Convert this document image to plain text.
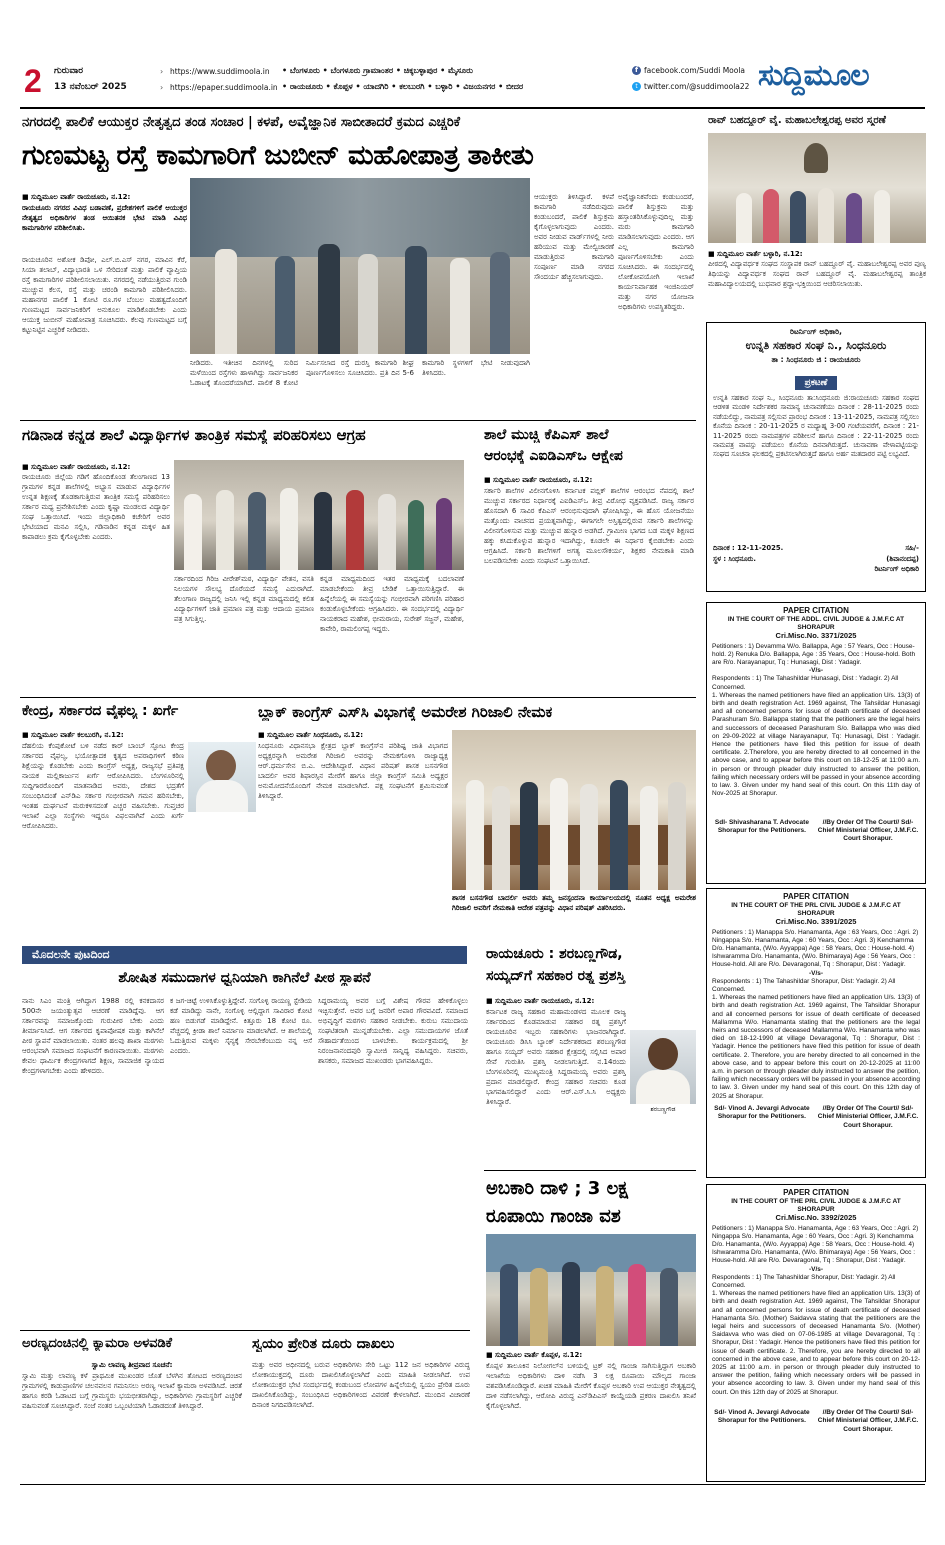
2 ಗುರುವಾರ
13 ನವೆಂಬರ್ 2025
› https://www.suddimoola.in
› https://epaper.suddimoola.in
• ಬೆಂಗಳೂರು • ಬೆಂಗಳೂರು ಗ್ರಾಮಾಂತರ • ಚಿಕ್ಕಬಳ್ಳಾಪುರ • ಮೈಸೂರು
• ರಾಯಚೂರು • ಕೊಪ್ಪಳ • ಯಾದಗಿರಿ • ಕಲಬುರಗಿ • ಬಳ್ಳಾರಿ • ವಿಜಯನಗರ • ಬೀದರ
f facebook.com/Suddi Moola
t twitter.com/@suddimoola22 ಸುದ್ದಿಮೂಲ
ನಗರದಲ್ಲಿ ಪಾಲಿಕೆ ಆಯುಕ್ತರ ನೇತೃತ್ವದ ತಂಡ ಸಂಚಾರ | ಕಳಪೆ, ಅವೈಜ್ಞಾನಿಕ ಸಾಬೀತಾದರೆ ಕ್ರಮದ ಎಚ್ಚರಿಕೆ
ಗುಣಮಟ್ಟ ರಸ್ತೆ ಕಾಮಗಾರಿಗೆ ಜುಬೀನ್ ಮಹೋಪಾತ್ರ ತಾಕೀತು
■ ಸುದ್ದಿಮೂಲ ವಾರ್ತೆ ರಾಯಚೂರು, ನ.12:
ರಾಯಚೂರು ನಗರದ ವಿವಿಧ ಬಡಾವಣೆ, ಪ್ರದೇಶಗಳಿಗೆ ಪಾಲಿಕೆ ಆಯುಕ್ತರ ನೇತೃತ್ವದ ಅಧಿಕಾರಿಗಳ ತಂಡ ಆಯಿತನಕ ಭೇಟಿ ಮಾಡಿ ವಿವಿಧ ಕಾಮಗಾರಿಗಳ ಪರಿಶೀಲಿಸಿತು.
ರಾಯಚೂರಿನ ಅಶೋಕ ಡಿಪೋ, ಎಲ್.ಬಿ.ಎಸ್ ನಗರ, ಮಾವಿನ ಕೆರೆ, ಸಿಯಾ ತಲಾಬ್, ವಿದ್ಯಾಭಾರತಿ ಒಳ ಸೇರಿದಂತೆ ಮತ್ತು ಪಾಲಿಕೆ ವ್ಯಾಪ್ತಿಯ ರಸ್ತೆ ಕಾಮಗಾರಿಗಳ ಪರಿಶೀಲಿಸಲಾಯಿತು. ನಗರದಲ್ಲಿ ನಡೆಯುತ್ತಿರುವ ಗುಂಡಿ ಮುಚ್ಚುವ ಕೆಲಸ, ರಸ್ತೆ ಮತ್ತು ಚರಂಡಿ ಕಾಮಗಾರಿ ಪರಿಶೀಲಿಸಿದರು. ಮಹಾನಗರ ಪಾಲಿಕೆ 1 ಕೋಟಿ ರೂ.ಗಳ ಬೆಂಬಲ ಮಹತ್ವದೊಂದಿಗೆ ಗುಣಮಟ್ಟದ ಸಾರ್ವಜನಿಕರಿಗೆ ಅನುಕೂಲ ಮಾಡಿಕೊಡಬೇಕು ಎಂದು ಆಯುಕ್ತ ಜುಬೀನ್ ಮಹೋಪಾತ್ರ ಸೂಚಿಸಿದರು. ಕೆಲವು ಗುಣಮಟ್ಟದ ಬಗ್ಗೆ ಕಟ್ಟುನಿಟ್ಟಿನ ಎಚ್ಚರಿಕೆ ನೀಡಿದರು.
ಆಯುಕ್ತರು ತಿಳಿಸಿದ್ದಾರೆ. ಕಳಪೆ ಕಾಮಗಾರಿ ನಡೆದಿರುವುದು ಕಂಡುಬಂದರೆ, ಪಾಲಿಕೆ ಶಿಸ್ತುಕ್ರಮ ಕೈಗೊಳ್ಳಲಾಗುವುದು ಎಂದರು. ಅವರ ನೀಡುವ ವಾರ್ಡ್‌ಗಳಲ್ಲಿ ನೀರು ಹರಿಯುವ ಮತ್ತು ಮೇಲ್ವಿಚಾರಣೆ ಮಾಡುತ್ತಿರುವ ಕಾಮಗಾರಿ ಸಂಪೂರ್ಣ ಮಾಡಿ ನಗರದ ಸೌಂದರ್ಯ ಹೆಚ್ಚಿಸಲಾಗುವುದು.
ಅವೈಜ್ಞಾನಿಕವೆಂದು ಕಂಡುಬಂದರೆ, ಪಾಲಿಕೆ ಶಿಸ್ತುಕ್ರಮ ಮತ್ತು ಹಸ್ತಾಂತರಿಸಿಕೊಳ್ಳುವುದಿಲ್ಲ ಮತ್ತು ಮರು ಕಾಮಗಾರಿ ಮಾಡಿಸಲಾಗುವುದು ಎಂದರು. ಆಗ ಎಲ್ಲ ಕಾಮಗಾರಿ ಪೂರ್ಣಗೊಳಿಸಬೇಕು ಎಂದು ಸೂಚಿಸಿದರು. ಈ ಸಂದರ್ಭದಲ್ಲಿ ಲೋಕೋಪಯೋಗಿ ಇಲಾಖೆ ಕಾರ್ಯನಿರ್ವಾಹಕ ಇಂಜಿನಿಯರ್ ಮತ್ತು ನಗರ ಯೋಜನಾ ಅಧಿಕಾರಿಗಳು ಉಪಸ್ಥಿತರಿದ್ದರು.
ನೀಡಿದರು. ಇತೀಚಿನ ದಿನಗಳಲ್ಲಿ ಸುರಿದ ಮಳೆಯಿಂದ ರಸ್ತೆಗಳು ಹಾಳಾಗಿದ್ದು ಸಾರ್ವಜನಿಕರ ಓಡಾಟಕ್ಕೆ ತೊಂದರೆಯಾಗಿದೆ. ಪಾಲಿಕೆ 8 ಕೋಟಿ ನಿರ್ಮಿಸಲಾದ ರಸ್ತೆ ದುರಸ್ತಿ ಕಾಮಗಾರಿ ಶೀಘ್ರ ಪೂರ್ಣಗೊಳಿಸಲು ಸೂಚಿಸಿದರು. ಪ್ರತಿ ದಿನ 5-6 ಕಾಮಗಾರಿ ಸ್ಥಳಗಳಿಗೆ ಭೇಟಿ ನೀಡುವುದಾಗಿ ತಿಳಿಸಿದರು.
ರಾವ್ ಬಹದ್ದೂರ್ ವೈ. ಮಹಾಬಲೇಶ್ವರಪ್ಪ ಅವರ ಸ್ಮರಣೆ
■ ಸುದ್ದಿಮೂಲ ವಾರ್ತೆ ಬಳ್ಳಾರಿ, ನ.12:
ಪೀಠದಲ್ಲಿ ವಿದ್ಯಾವರ್ಧಕ ಸಂಘದ ಸಂಸ್ಥಾಪಕ ರಾವ್ ಬಹದ್ದೂರ್ ವೈ. ಮಹಾಬಲೇಶ್ವರಪ್ಪ ಅವರ ಪುಣ್ಯ ತಿಥಿಯನ್ನು ವಿದ್ಯಾವರ್ಧಕ ಸಂಘದ ರಾವ್ ಬಹದ್ದೂರ್ ವೈ. ಮಹಾಬಲೇಶ್ವರಪ್ಪ ತಾಂತ್ರಿಕ ಮಹಾವಿದ್ಯಾಲಯದಲ್ಲಿ ಬುಧವಾರ ಶ್ರದ್ಧಾ-ಭಕ್ತಿಯಿಂದ ಆಚರಿಸಲಾಯಿತು.
ರಿಟರ್ನಿಂಗ್ ಅಧಿಕಾರಿ,
ಉನ್ನತಿ ಸಹಕಾರ ಸಂಘ ನಿ., ಸಿಂಧನೂರು
ತಾ : ಸಿಂಧನೂರು ಜಿ : ರಾಯಚೂರು
ಪ್ರಕಟಣೆ
ಉನ್ನತಿ ಸಹಕಾರ ಸಂಘ ನಿ., ಸಿಂಧನೂರು ತಾ:ಸಿಂಧನೂರು ಜಿ:ರಾಯಚೂರು ಸಹಕಾರ ಸಂಘದ ಆಡಳಿತ ಮಂಡಳಿ ನಿರ್ದೇಶಕರ ಸಾಮಾನ್ಯ ಚುನಾವಣೆಯು ದಿನಾಂಕ : 28-11-2025 ರಂದು ನಡೆಯಲಿದ್ದು, ನಾಮಪತ್ರ ಸಲ್ಲಿಸುವ ಪ್ರಾರಂಭ ದಿನಾಂಕ : 13-11-2025, ನಾಮಪತ್ರ ಸಲ್ಲಿಸಲು ಕೊನೆಯ ದಿನಾಂಕ : 20-11-2025 ರ ಮಧ್ಯಾಹ್ನ 3-00 ಗಂಟೆಯವರೆಗೆ, ದಿನಾಂಕ : 21-11-2025 ರಂದು ನಾಮಪತ್ರಗಳ ಪರಿಶೀಲನೆ ಹಾಗೂ ದಿನಾಂಕ : 22-11-2025 ರಂದು ನಾಮಪತ್ರ ವಾಪಸ್ಸು ಪಡೆಯಲು ಕೊನೆಯ ದಿನವಾಗಿರುತ್ತದೆ. ಚುನಾವಣಾ ವೇಳಾಪಟ್ಟಿಯನ್ನು ಸಂಘದ ಸೂಚನಾ ಫಲಕದಲ್ಲಿ ಪ್ರಕಟಿಸಲಾಗಿರುತ್ತದೆ ಹಾಗೂ ಅರ್ಹ ಮತದಾರರ ಪಟ್ಟಿ ಲಭ್ಯವಿದೆ.
ದಿನಾಂಕ : 12-11-2025.	ಸಹಿ/-
ಸ್ಥಳ : ಸಿಂಧನೂರು.	(ಶಿವಾನಂದಪ್ಪ)
ರಿಟರ್ನಿಂಗ್ ಅಧಿಕಾರಿ
PAPER CITATION
IN THE COURT OF THE ADDL. CIVIL JUDGE & J.M.F.C AT SHORAPUR
Cri.Misc.No. 3371/2025
Petitioners : 1) Devamma W/o. Ballappa, Age : 57 Years, Occ : House-hold. 2) Renuka D/o. Ballappa, Age : 35 Years, Occ : House-hold. Both are R/o. Narayanapur, Tq : Hunasagi, Dist : Yadagir.
-V/s-
Respondents : 1) The Tahashildar Hunasagi, Dist : Yadagir. 2) All Concerned.
1. Whereas the named petitioners have filed an application U/s. 13(3) of birth and death registration Act. 1969 against, The Tahsildar Hunasagi and all concerned persons for issue of death certificate of deceased Parashuram S/o. Ballappa stating that the petitioners are the legal heirs and successors of deceased Parashuram S/o. Ballappa who was died on 29-09-2022 at village Narayanapur, Tq: Hunasagi, Dist : Yadagir. Hence the petitioners have filed this petition for issue of death certificate. 2.Therefore, you are hereby directed to all concerned in the above case, and to appear before this court on 18-12-25 at 11:00 a.m. in person or through pleader duly instructed to answer the petition, failing which necessary orders will be passed in your absence according to law. 3. Given under my hand seal of this court. On this 11th day of Nov-2025 at Shorapur.
Sdl- Shivasharana T. Advocate Shorapur for the Petitioners.
//By Order Of The Court// Sd/- Chief Ministerial Officer, J.M.F.C. Court Shorapur.
PAPER CITATION
IN THE COURT OF THE PRL CIVIL JUDGE & J.M.F.C AT SHORAPUR
Cri.Misc.No. 3391/2025
Petitioners : 1) Manappa S/o. Hanamanta, Age : 63 Years, Occ : Agri. 2) Ningappa S/o. Hanamanta, Age : 60 Years, Occ : Agri. 3) Kenchamma D/o. Hanamanta, (W/o. Ayyappa) Age : 58 Years, Occ : House-hold. 4) Ishwaramma D/o. Hanamanta, (W/o. Bhimaraya) Age : 56 Years, Occ : House-hold. All are R/o. Devaragonal, Tq : Shorapur, Dist : Yadagir.
-V/s-
Respondents : 1) The Tahashildar Shorapur, Dist: Yadagir. 2) All Concerned.
1. Whereas the named petitioners have filed an application U/s. 13(3) of birth and death registration Act. 1969 against, The Tahsildar Shorapur and all concerned persons for issue of death certificate of deceased Mallamma W/o. Hanamanta stating that the petitioners are the legal heirs and successors of deceased Mallamma W/o. Hanamanta who was died on 18-12-1990 at village Devaragonal, Tq : Shorapur, Dist : Yadagir. Hence the petitioners have filed this petition for issue of death certificate. 2. Therefore, you are hereby directed to all concerned in the above case, and to appear before this court on 20-12-2025 at 11:00 a.m. in person or through pleader duly instructed to answer the petition, failing which necessary orders will be passed in your absence according to law. 3. Given under my hand seal of this court. On this 12th day of 2025 at Shorapur.
Sd/- Vinod A. Jevargi Advocate Shorapur for the Petitioners.
//By Order Of The Court// Sd/- Chief Ministerial Officer, J.M.F.C. Court Shorapur.
PAPER CITATION
IN THE COURT OF THE PRL CIVIL JUDGE & J.M.F.C AT SHORAPUR
Cri.Misc.No. 3392/2025
Petitioners : 1) Manappa S/o. Hanamanta, Age : 63 Years, Occ : Agri. 2) Ningappa S/o. Hanamanta, Age : 60 Years, Occ : Agri. 3) Kenchamma D/o. Hanamanta, (W/o. Ayyappa) Age : 58 Years, Occ : House-hold. 4) Ishwaramma D/o. Hanamanta, (W/o. Bhimaraya) Age : 56 Years, Occ : House-hold. All are R/o. Devaragonal, Tq : Shorapur, Dist : Yadagir.
-V/s-
Respondents : 1) The Tahashildar Shorapur, Dist: Yadagir. 2) All Concerned.
1. Whereas the named petitioners have filed an application U/s. 13(3) of birth and death registration Act. 1969 against, The Tahsildar Shorapur and all concerned persons for issue of death certificate of deceased Hanamanta S/o. (Mother) Saidavva stating that the petitioners are the legal heirs and successors of deceased Hanamanta S/o. (Mother) Saidavva who was died on 07-06-1985 at village Devaragonal, Tq : Shorapur, Dist : Yadagir. Hence the petitioners have filed this petition for issue of death certificate. 2. Therefore, you are hereby directed to all concerned in the above case, and to appear before this court on 20-12-2025 at 11:00 a.m. in person or through pleader duly instructed to answer the petition, failing which necessary orders will be passed in your absence according to law. 3. Given under my hand seal of this court. On this 12th day of 2025 at Shorapur.
Sd/- Vinod A. Jevargi Advocate Shorapur for the Petitioners.
//By Order Of The Court// Sd/- Chief Ministerial Officer, J.M.F.C. Court Shorapur.
ಗಡಿನಾಡ ಕನ್ನಡ ಶಾಲೆ ವಿದ್ಯಾರ್ಥಿಗಳ ತಾಂತ್ರಿಕ ಸಮಸ್ಯೆ ಪರಿಹರಿಸಲು ಆಗ್ರಹ
■ ಸುದ್ದಿಮೂಲ ವಾರ್ತೆ ರಾಯಚೂರು, ನ.12:
ರಾಯಚೂರು ಜಿಲ್ಲೆಯ ಗಡಿಗೆ ಹೊಂದಿಕೊಂಡ ತೆಲಂಗಾಣದ 13 ಗ್ರಾಮಗಳ ಕನ್ನಡ ಶಾಲೆಗಳಲ್ಲಿ ಅಭ್ಯಾಸ ಮಾಡುವ ವಿದ್ಯಾರ್ಥಿಗಳ ಉನ್ನತ ಶಿಕ್ಷಣಕ್ಕೆ ತೊಡಕಾಗುತ್ತಿರುವ ತಾಂತ್ರಿಕ ಸಮಸ್ಯೆ ಪರಿಹರಿಸಲು ಸರ್ಕಾರ ಮಧ್ಯ ಪ್ರವೇಶಿಸಬೇಕು ಎಂದು ಕೃಷ್ಣಾ ಮಂಡಲದ ವಿದ್ಯಾರ್ಥಿ ಸಂಘ ಒತ್ತಾಯಿಸಿದೆ. ಇಂದು ಜಿಲ್ಲಾಧಿಕಾರಿ ಕಚೇರಿಗೆ ಅವರ ಭೇಟಿಯಾದ ಮನವಿ ಸಲ್ಲಿಸಿ, ಗಡಿನಾಡಿನ ಕನ್ನಡ ಮಕ್ಕಳ ಹಿತ ಕಾಪಾಡಲು ಕ್ರಮ ಕೈಗೊಳ್ಳಬೇಕು ಎಂದರು.
ಸರ್ಕಾರದಿಂದ ಗಿರಿಜ ವೀರೇಶ್‌ಮಠ, ವಿದ್ಯಾರ್ಥಿ ವೇತನ, ವಸತಿ ನಿಲಯಗಳ ಸೌಲಭ್ಯ ದೊರೆಯದೆ ಸಮಸ್ಯೆ ಎದುರಾಗಿದೆ. ತೆಲಂಗಾಣ ರಾಜ್ಯದಲ್ಲಿ ಜನಿಸಿ ಇಲ್ಲಿ ಕನ್ನಡ ಮಾಧ್ಯಮದಲ್ಲಿ ಕಲಿತ ವಿದ್ಯಾರ್ಥಿಗಳಿಗೆ ಜಾತಿ ಪ್ರಮಾಣ ಪತ್ರ ಮತ್ತು ಆದಾಯ ಪ್ರಮಾಣ ಪತ್ರ ಸಿಗುತ್ತಿಲ್ಲ.
ಕನ್ನಡ ಮಾಧ್ಯಮದಿಂದ ಇತರ ಮಾಧ್ಯಮಕ್ಕೆ ಬದಲಾವಣೆ ಮಾಡಬೇಕೆಂದು ತೀವ್ರ ಬೇಡಿಕೆ ಒತ್ತಾಯಿಸುತ್ತಿದ್ದಾರೆ. ಈ ಹಿನ್ನೆಲೆಯಲ್ಲಿ ಈ ಸಮಸ್ಯೆಯನ್ನು ಗಂಭೀರವಾಗಿ ಪರಿಗಣಿಸಿ ಪರಿಹಾರ ಕಂಡುಕೊಳ್ಳಬೇಕೆಂದು ಆಗ್ರಹಿಸಿದರು. ಈ ಸಂದರ್ಭದಲ್ಲಿ ವಿದ್ಯಾರ್ಥಿ ನಾಯಕರಾದ ಮಹೇಶ, ಭೀಮರಾಯ, ಸುರೇಶ್ ಸಜ್ಜನ್, ಮಹೇಶ, ಕಾವೇರಿ, ರಾಮಲಿಂಗಪ್ಪ ಇದ್ದರು.
ಶಾಲೆ ಮುಚ್ಚಿ ಕೆಪಿಎಸ್ ಶಾಲೆ
ಆರಂಭಕ್ಕೆ ಎಐಡಿಎಸ್‌ಒ ಆಕ್ಷೇಪ
■ ಸುದ್ದಿಮೂಲ ವಾರ್ತೆ ರಾಯಚೂರು, ನ.12:
ಸರ್ಕಾರಿ ಶಾಲೆಗಳ ವಿಲೀನಗೊಳಿಸಿ ಕರ್ನಾಟಕ ಪಬ್ಲಿಕ್ ಶಾಲೆಗಳ ಆರಂಭದ ನೆಪದಲ್ಲಿ ಶಾಲೆ ಮುಚ್ಚುವ ಸರ್ಕಾರದ ನಿರ್ಧಾರಕ್ಕೆ ಎಐಡಿಎಸ್‌ಒ ತೀವ್ರ ವಿರೋಧ ವ್ಯಕ್ತಪಡಿಸಿದೆ. ರಾಜ್ಯ ಸರ್ಕಾರ ಹೊಸದಾಗಿ 6 ಸಾವಿರ ಕೆಪಿಎಸ್ ಆರಂಭಿಸುವುದಾಗಿ ಘೋಷಿಸಿದ್ದು, ಈ ಹೊಸ ಯೋಜನೆಯು ಮತ್ತೊಂದು ವಾಚನದ ಪ್ರಯತ್ನವಾಗಿದ್ದು, ಈಗಾಗಲೇ ಅಸ್ತಿತ್ವದಲ್ಲಿರುವ ಸರ್ಕಾರಿ ಶಾಲೆಗಳನ್ನು ವಿಲೀನಗೊಳಿಸುವ ಮತ್ತು ಮುಚ್ಚುವ ಹುನ್ನಾರ ಅಡಗಿದೆ. ಗ್ರಾಮೀಣ ಭಾಗದ ಬಡ ಮಕ್ಕಳ ಶಿಕ್ಷಣದ ಹಕ್ಕು ಕಸಿದುಕೊಳ್ಳುವ ಹುನ್ನಾರ ಇದಾಗಿದ್ದು, ಕೂಡಲೇ ಈ ನಿರ್ಧಾರ ಕೈಬಿಡಬೇಕು ಎಂದು ಆಗ್ರಹಿಸಿದೆ. ಸರ್ಕಾರಿ ಶಾಲೆಗಳಿಗೆ ಅಗತ್ಯ ಮೂಲಸೌಕರ್ಯ, ಶಿಕ್ಷಕರ ನೇಮಕಾತಿ ಮಾಡಿ ಬಲಪಡಿಸಬೇಕು ಎಂದು ಸಂಘಟನೆ ಒತ್ತಾಯಿಸಿದೆ.
ಕೇಂದ್ರ, ಸರ್ಕಾರದ ವೈಫಲ್ಯ : ಖರ್ಗೆ
■ ಸುದ್ದಿಮೂಲ ವಾರ್ತೆ ಕಲಬುರಗಿ, ನ.12:
ದೆಹಲಿಯ ಕೆಂಪುಕೋಟೆ ಬಳಿ ನಡೆದ ಕಾರ್ ಬಾಂಬ್ ಸ್ಫೋಟ ಕೇಂದ್ರ ಸರ್ಕಾರದ ವೈಫಲ್ಯ, ಭಯೋತ್ಪಾದಕ ಕೃತ್ಯದ ಅಪರಾಧಿಗಳಿಗೆ ಕಠಿಣ ಶಿಕ್ಷೆಯನ್ನು ಕೊಡಬೇಕು ಎಂದು ಕಾಂಗ್ರೆಸ್ ಅಧ್ಯಕ್ಷ, ರಾಜ್ಯಸಭೆ ಪ್ರತಿಪಕ್ಷ ನಾಯಕ ಮಲ್ಲಿಕಾರ್ಜುನ ಖರ್ಗೆ ಆರೋಪಿಸಿದರು. ಬೆಂಗಳೂರಿನಲ್ಲಿ ಸುದ್ದಿಗಾರರೊಂದಿಗೆ ಮಾತನಾಡಿದ ಅವರು, ದೇಶದ ಭದ್ರತೆಗೆ ಸಂಬಂಧಿಸಿದಂತೆ ಎನ್‌ಡಿಎ ಸರ್ಕಾರ ಗಂಭೀರವಾಗಿ ಗಮನ ಹರಿಸಬೇಕು, ಇಂತಹ ದುರ್ಘಟನೆ ಮರುಕಳಿಸದಂತೆ ಎಚ್ಚರ ವಹಿಸಬೇಕು. ಗುಪ್ತಚರ ಇಲಾಖೆ ಎಲ್ಲಾ ಸಂಸ್ಥೆಗಳು ಇದ್ದರೂ ವಿಫಲವಾಗಿವೆ ಎಂದು ಖರ್ಗೆ ಆರೋಪಿಸಿದರು.
ಬ್ಲಾಕ್ ಕಾಂಗ್ರೆಸ್ ಎಸ್‌ಸಿ ವಿಭಾಗಕ್ಕೆ ಅಮರೇಶ ಗಿರಿಜಾಲಿ ನೇಮಕ
■ ಸುದ್ದಿಮೂಲ ವಾರ್ತೆ ಸಿಂಧನೂರು, ನ.12:
ಸಿಂಧನೂರು ವಿಧಾನಸಭಾ ಕ್ಷೇತ್ರದ ಬ್ಲಾಕ್ ಕಾಂಗ್ರೆಸ್‌ನ ಪರಿಶಿಷ್ಟ ಜಾತಿ ವಿಭಾಗದ ಅಧ್ಯಕ್ಷರನ್ನಾಗಿ ಅಮರೇಶ ಗಿರಿಜಾಲಿ ಅವರನ್ನು ನೇಮಕಗೊಳಿಸಿ ರಾಜ್ಯಾಧ್ಯಕ್ಷ ಆರ್.ಧರ್ಮಸೇನ ಬಿ.ಎ. ಆದೇಶಿಸಿದ್ದಾರೆ. ವಿಧಾನ ಪರಿಷತ್ ಶಾಸಕ ಬಸನಗೌಡ ಬಾದರ್ಲಿ ಅವರ ಶಿಫಾರಸ್ಸಿನ ಮೇರೆಗೆ ಹಾಗೂ ಜಿಲ್ಲಾ ಕಾಂಗ್ರೆಸ್ ಸಮಿತಿ ಅಧ್ಯಕ್ಷರ ಅನುಮೋದನೆಯೊಂದಿಗೆ ನೇಮಕ ಮಾಡಲಾಗಿದೆ. ಪಕ್ಷ ಸಂಘಟನೆಗೆ ಶ್ರಮಿಸುವಂತೆ ತಿಳಿಸಿದ್ದಾರೆ.
ಶಾಸಕ ಬಸನಗೌಡ ಬಾದರ್ಲಿ ಅವರು ತಮ್ಮ ಜನಸ್ಪಂದನಾ ಕಾರ್ಯಾಲಯದಲ್ಲಿ ನೂತನ ಅಧ್ಯಕ್ಷ ಅಮರೇಶ ಗಿರಿಜಾಲಿ ಅವರಿಗೆ ನೇಮಕಾತಿ ಆದೇಶ ಪತ್ರವನ್ನು ವಿಧಾನ ಪರಿಷತ್ ವಿತರಿಸಿದರು.
ಮೊದಲನೇ ಪುಟದಿಂದ
ಶೋಷಿತ ಸಮುದಾಗಳ ಧ್ವನಿಯಾಗಿ ಕಾಗಿನೆಲೆ ಪೀಠ ಸ್ಥಾಪನೆ
ನಾನು ಸಿಎಂ ಮಂತ್ರಿ ಆಗಿದ್ದಾಗ 1988 ರಲ್ಲಿ ಕನಕದಾಸರ 500ನೇ ಜಯಂತ್ಯುತ್ಸವ ಆಚರಣೆ ಮಾಡಿದ್ದೆವು. ಆಗ ಸರ್ಕಾರವನ್ನು ಸಮಾಜಕ್ಕೊಂದು ಗುರುಪೀಠ ಬೇಕು ಎಂದು ತೀರ್ಮಾನಿಸಿದೆ. ಆಗ ಸರ್ಕಾರದ ಕೃಪಾಪೋಷಕ ಮತ್ತು ಕಾಗಿನೆಲೆ ಪೀಠ ಸ್ಥಾಪನೆ ಮಾಡಲಾಯಿತು. ನಂತರ ಹಲವು ಶಾಖಾ ಮಠಗಳು ಆರಂಭವಾಗಿ ಸಮಾಜದ ಸಂಘಟನೆಗೆ ಕಾರಣವಾಯಿತು. ಮಠಗಳು ಕೇವಲ ಧಾರ್ಮಿಕ ಕೇಂದ್ರಗಳಾಗದೆ ಶಿಕ್ಷಣ, ಸಾಮಾಜಿಕ ನ್ಯಾಯದ ಕೇಂದ್ರಗಳಾಗಬೇಕು ಎಂದು ಹೇಳಿದರು.
ಕ ಜಗ-ಚಿಟ್ಟೆ ಉಳಿಸಿಕೊಳ್ಳುತ್ತಿದ್ದೇವೆ. ಸಂಗೊಳ್ಳಿ ರಾಯಣ್ಣ ಸ್ಟೇಡಿಯ ಕಡೆ ಮಾಡಿದ್ದು ನಾನೇ, ಸಂಗೊಳ್ಳಿ ಆಲ್ಲಿದ್ದಾಗ ಸಾವಿರಾರ ಕೋಟಿ ಹಣ ಬಿಡುಗಡೆ ಮಾಡಿದ್ದೇನೆ. ಕಿತ್ತೂರು 18 ಕೋಟಿ ರೂ. ವೆಚ್ಚದಲ್ಲಿ ಕ್ರೀಡಾ ಶಾಲೆ ನಿರ್ಮಾಣ ಮಾಡಲಾಗಿದೆ. ಆ ಶಾಲೆಯಲ್ಲಿ ಓದುತ್ತಿರುವ ಮಕ್ಕಳು ಸೈನ್ಯಕ್ಕೆ ಸೇರಬೇಕೆಂಬುದು ನನ್ನ ಆಸೆ ಎಂದರು.
ಸಿದ್ದರಾಮಯ್ಯ ಅವರ ಬಗ್ಗೆ ವಿಶೇಷ ಗೌರವ ಹೇಳಿಕೊಳ್ಳಲು ಇಚ್ಛಿಸುತ್ತೇನೆ. ಅವರ ಬಗ್ಗೆ ಜನರಿಗೆ ಅಪಾರ ಗೌರವವಿದೆ. ಸಮಾಜದ ಅಭಿವೃದ್ಧಿಗೆ ಮಠಗಳು ಸಹಕಾರ ನೀಡಬೇಕು. ಕುರುಬ ಸಮುದಾಯ ಸಂಘಟಿತರಾಗಿ ಮುನ್ನಡೆಯಬೇಕು. ಎಲ್ಲಾ ಸಮುದಾಯಗಳ ಜೊತೆ ಸೌಹಾರ್ದತೆಯಿಂದ ಬಾಳಬೇಕು. ಕಾರ್ಯಕ್ರಮದಲ್ಲಿ ಶ್ರೀ ನಿರಂಜನಾನಂದಪುರಿ ಸ್ವಾಮೀಜಿ ಸಾನ್ನಿಧ್ಯ ವಹಿಸಿದ್ದರು. ಸಚಿವರು, ಶಾಸಕರು, ಸಮಾಜದ ಮುಖಂಡರು ಭಾಗವಹಿಸಿದ್ದರು.
ರಾಯಚೂರು : ಶರಬಣ್ಣಗೌಡ,
ಸಯ್ಯದ್‌ಗೆ ಸಹಕಾರ ರತ್ನ ಪ್ರಶಸ್ತಿ
■ ಸುದ್ದಿಮೂಲ ವಾರ್ತೆ ರಾಯಚೂರು, ನ.12:
ಶರಬಣ್ಣಗೌಡ
ಕರ್ನಾಟಕ ರಾಜ್ಯ ಸಹಕಾರ ಮಹಾಮಂಡಳದ ಮೂಲಕ ರಾಜ್ಯ ಸರ್ಕಾರದಿಂದ ಕೊಡಮಾಡುವ ಸಹಕಾರ ರತ್ನ ಪ್ರಶಸ್ತಿಗೆ ರಾಯಚೂರಿನ ಇಬ್ಬರು ಸಹಕಾರಿಗಳು ಭಾಜನರಾಗಿದ್ದಾರೆ. ರಾಯಚೂರು ಡಿಸಿಸಿ ಬ್ಯಾಂಕ್ ನಿರ್ದೇಶಕರಾದ ಶರಬಣ್ಣಗೌಡ ಹಾಗೂ ಸಯ್ಯದ್ ಅವರು ಸಹಕಾರ ಕ್ಷೇತ್ರದಲ್ಲಿ ಸಲ್ಲಿಸಿದ ಅಪಾರ ಸೇವೆ ಗುರುತಿಸಿ ಪ್ರಶಸ್ತಿ ನೀಡಲಾಗುತ್ತಿದೆ. ನ.14ರಂದು ಬೆಂಗಳೂರಿನಲ್ಲಿ ಮುಖ್ಯಮಂತ್ರಿ ಸಿದ್ದರಾಮಯ್ಯ ಅವರು ಪ್ರಶಸ್ತಿ ಪ್ರದಾನ ಮಾಡಲಿದ್ದಾರೆ. ಕೇಂದ್ರ ಸಹಕಾರ ಸಚಿವರು ಕೂಡ ಭಾಗವಹಿಸಲಿದ್ದಾರೆ ಎಂದು ಆರ್.ಎಸ್.ಸಿ.ಸಿ ಅಧ್ಯಕ್ಷರು ತಿಳಿಸಿದ್ದಾರೆ.
ಅಬಕಾರಿ ದಾಳಿ ; 3 ಲಕ್ಷ
ರೂಪಾಯಿ ಗಾಂಜಾ ವಶ
■ ಸುದ್ದಿಮೂಲ ವಾರ್ತೆ ಕೊಪ್ಪಳ, ನ.12:
ಕೊಪ್ಪಳ ತಾಲೂಕಿನ ನಿಲೋಗಲ್‌ನ ಬಳಿಯಲ್ಲಿ ಟ್ರಕ್ ನಲ್ಲಿ ಗಾಂಜಾ ಸಾಗಿಸುತ್ತಿದ್ದಾಗ ಅಬಕಾರಿ ಇಲಾಖೆಯ ಅಧಿಕಾರಿಗಳು ದಾಳಿ ನಡೆಸಿ 3 ಲಕ್ಷ ರೂಪಾಯಿ ಮೌಲ್ಯದ ಗಾಂಜಾ ವಶಪಡಿಸಿಕೊಂಡಿದ್ದಾರೆ. ಖಚಿತ ಮಾಹಿತಿ ಮೇರೆಗೆ ಕೊಪ್ಪಳ ಅಬಕಾರಿ ಉಪ ಆಯುಕ್ತರ ನೇತೃತ್ವದಲ್ಲಿ ದಾಳಿ ನಡೆಸಲಾಗಿದ್ದು, ಆರೋಪಿ ವಿರುದ್ಧ ಎನ್‌ಡಿಪಿಎಸ್ ಕಾಯ್ದೆಯಡಿ ಪ್ರಕರಣ ದಾಖಲಿಸಿ ತನಿಖೆ ಕೈಗೊಳ್ಳಲಾಗಿದೆ.
ಅರಣ್ಯದಂಚಿನಲ್ಲಿ ಕ್ಯಾಮರಾ ಅಳವಡಿಕೆ
ಸ್ವಾಮಿ ಲಾವಣ್ಯ ತೀವ್ರವಾದ ಸೂಚನೆ:
ಸ್ವಾಮಿ ಮತ್ತು ಲಾವಣ್ಯ ಕಳೆ ಪ್ರಾಥಮಿಕ ಮುಖಂಡರ ಜೊತೆ ಬೆಳಗಿನ ತೋಟದ ಅರಣ್ಯದಂಚಿನ ಗ್ರಾಮಗಳಲ್ಲಿ ಕಾಡುಪ್ರಾಣಿಗಳ ಚಲನವಲನ ಗಮನಿಸಲು ಅರಣ್ಯ ಇಲಾಖೆ ಕ್ಯಾಮರಾ ಅಳವಡಿಸಿದೆ. ಚಿರತೆ ಹಾಗೂ ಕರಡಿ ಓಡಾಟದ ಬಗ್ಗೆ ಗ್ರಾಮಸ್ಥರು ಭಯಭೀತರಾಗಿದ್ದು, ಅಧಿಕಾರಿಗಳು ಗ್ರಾಮಸ್ಥರಿಗೆ ಎಚ್ಚರಿಕೆ ವಹಿಸುವಂತೆ ಸೂಚಿಸಿದ್ದಾರೆ. ಸಂಜೆ ನಂತರ ಒಬ್ಬಂಟಿಯಾಗಿ ಓಡಾಡದಂತೆ ತಿಳಿಸಿದ್ದಾರೆ.
ಸ್ವಯಂ ಪ್ರೇರಿತ ದೂರು ದಾಖಲು
ಮತ್ತು ಅವರ ಅಧೀನದಲ್ಲಿ ಬರುವ ಅಧಿಕಾರಿಗಳು ಸೇರಿ ಒಟ್ಟು 112 ಜನ ಅಧಿಕಾರಿಗಳ ವಿರುದ್ಧ ಲೋಕಾಯುಕ್ತದಲ್ಲಿ ದೂರು ದಾಖಲಿಸಿಕೊಳ್ಳಲಾಗಿದೆ ಎಂದು ಮಾಹಿತಿ ನೀಡಲಾಗಿದೆ. ಉಪ ಲೋಕಾಯುಕ್ತರ ಭೇಟಿ ಸಂದರ್ಭದಲ್ಲಿ ಕಂಡುಬಂದ ಲೋಪಗಳ ಹಿನ್ನೆಲೆಯಲ್ಲಿ ಸ್ವಯಂ ಪ್ರೇರಿತ ದೂರು ದಾಖಲಿಸಿಕೊಂಡಿದ್ದು, ಸಂಬಂಧಿಸಿದ ಅಧಿಕಾರಿಗಳಿಂದ ವಿವರಣೆ ಕೇಳಲಾಗಿದೆ. ಮುಂದಿನ ವಿಚಾರಣೆ ದಿನಾಂಕ ನಿಗದಿಪಡಿಸಲಾಗಿದೆ.
